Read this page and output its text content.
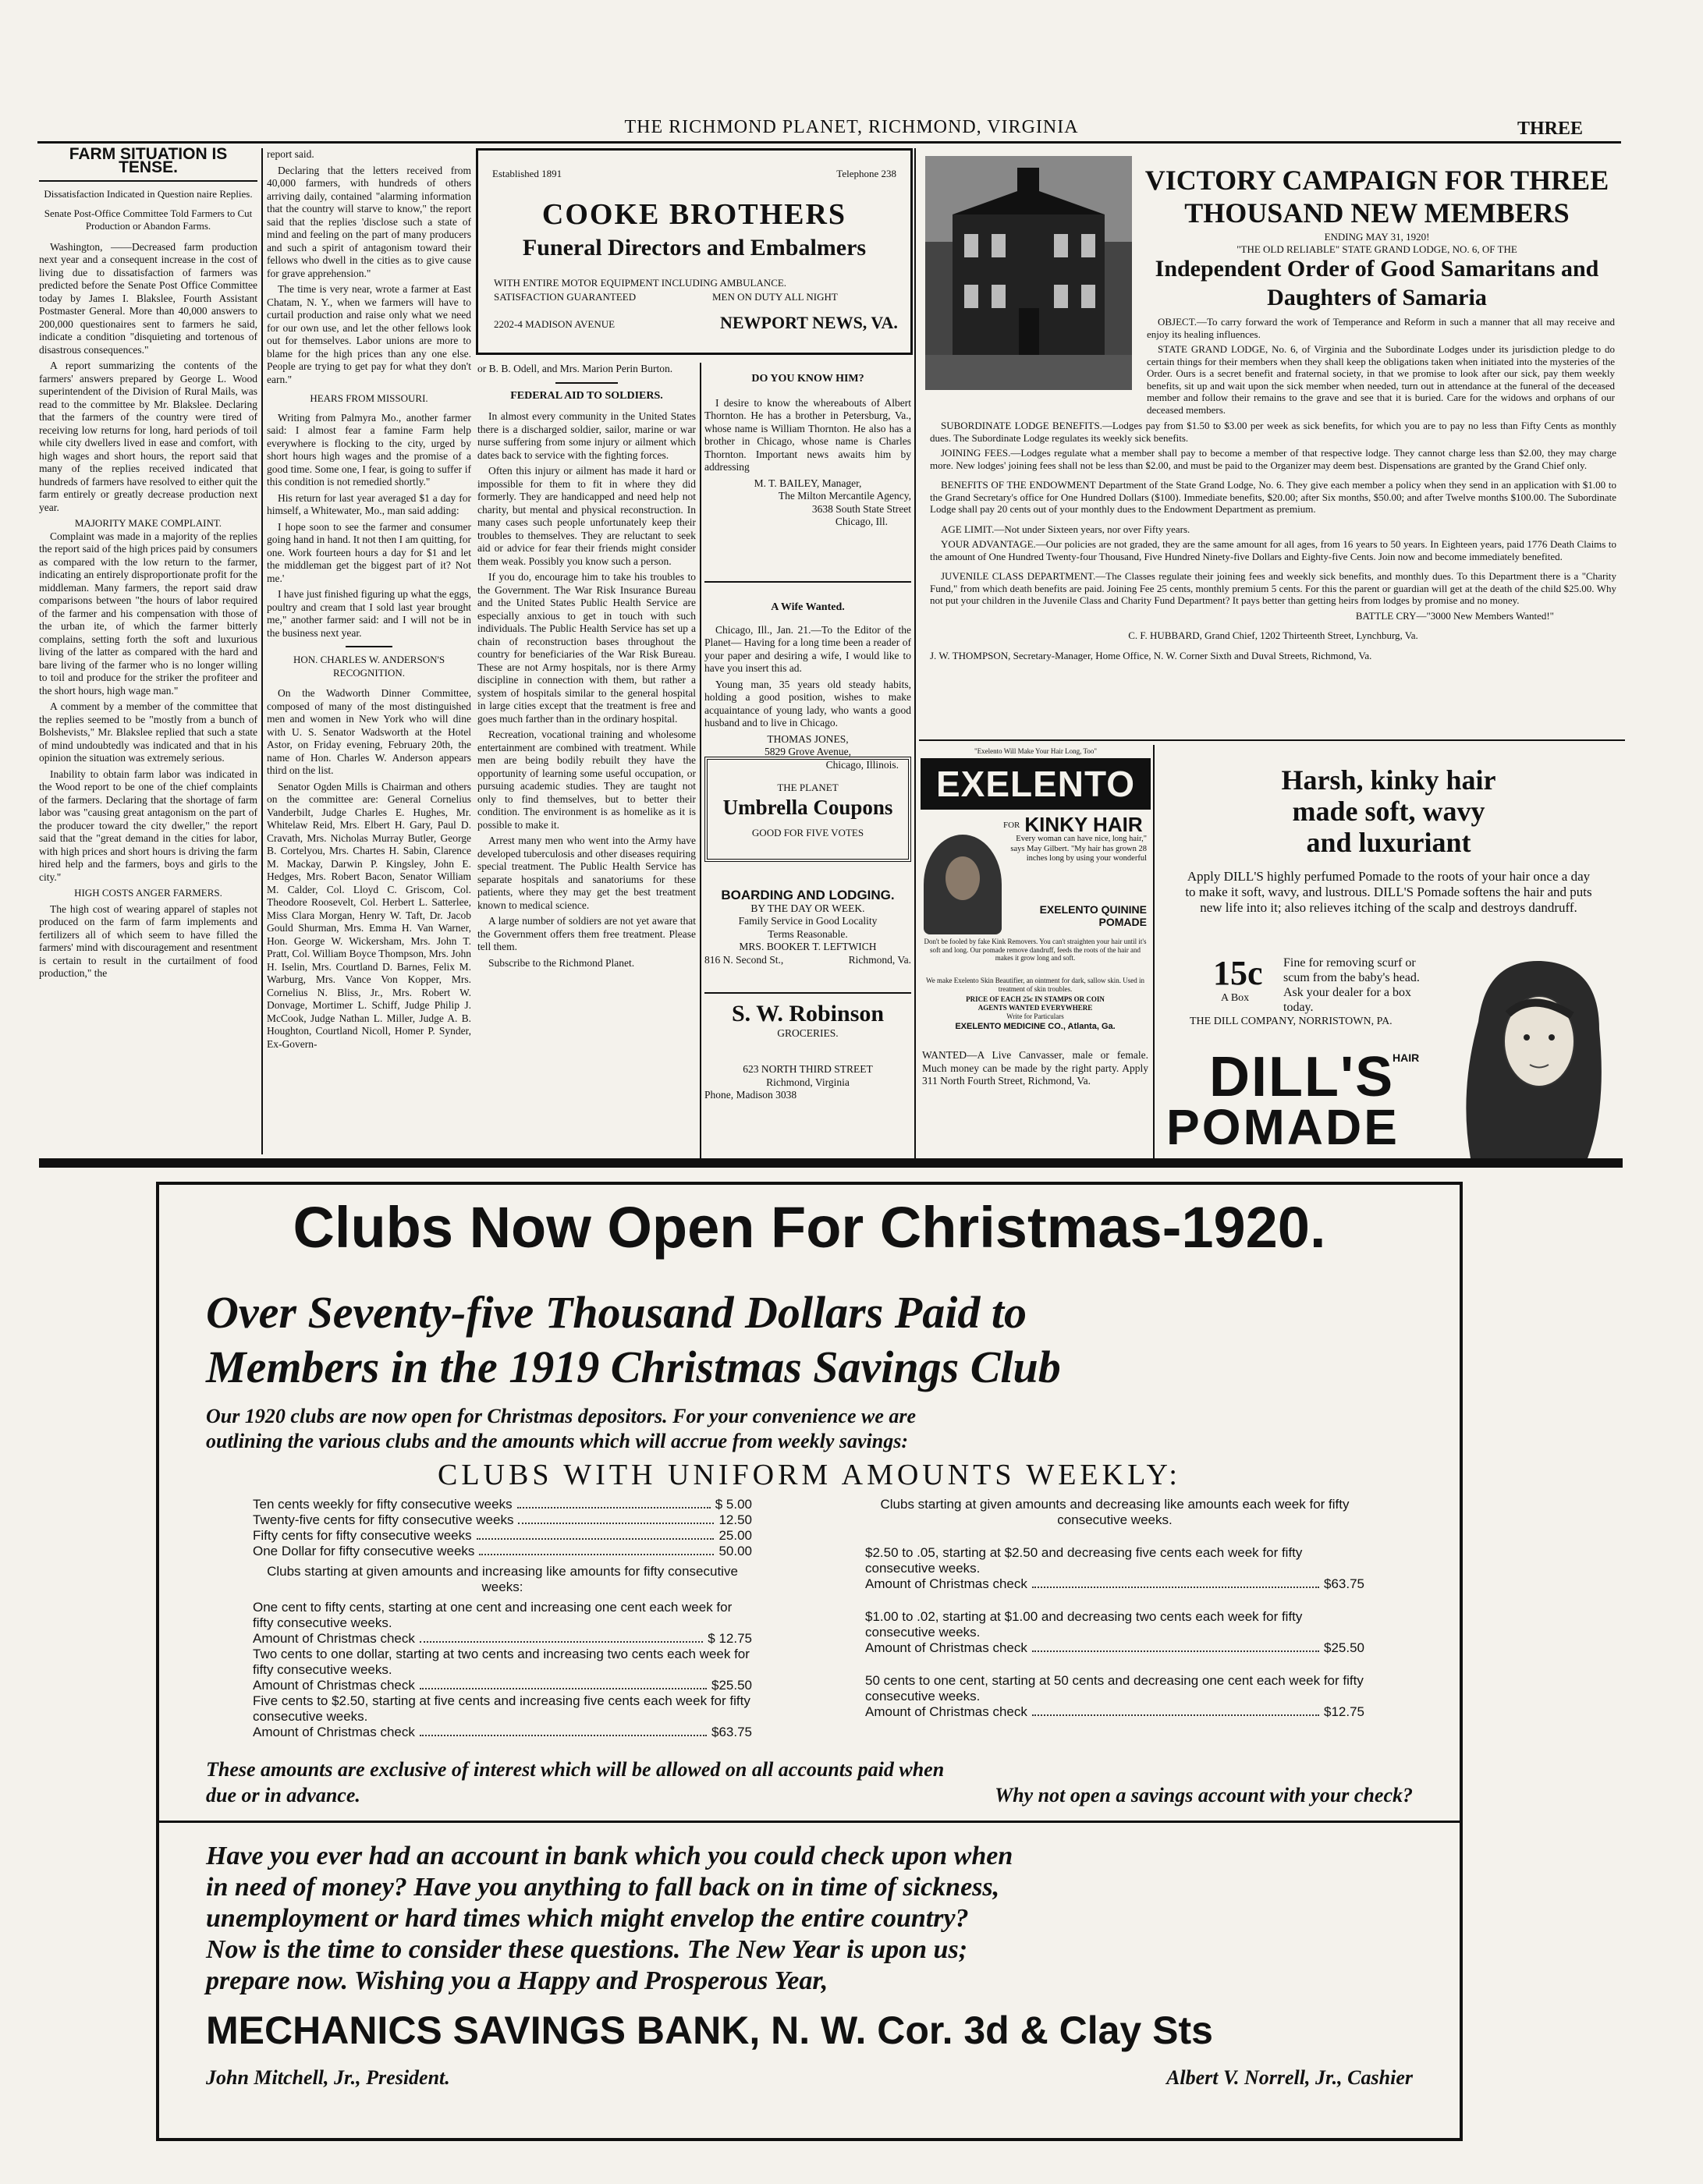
THE RICHMOND PLANET, RICHMOND, VIRGINIA	THREE
FARM SITUATION IS TENSE.
Dissatisfaction Indicated in Question naire Replies.
Senate Post-Office Committee Told Farmers to Cut Production or Abandon Farms.

Washington, ——Decreased farm production next year and a consequent increase in the cost of living due to dissatisfaction of farmers was predicted before the Senate Post Office Committee today by James I. Blakslee, Fourth Assistant Postmaster General. More than 40,000 answers to 200,000 questionaires sent to farmers he said, indicate a condition "disquieting and tortenous of disastrous consequences."

A report summarizing the contents of the farmers' answers prepared by George L. Wood superintendent of the Division of Rural Mails, was read to the committee by Mr. Blakslee. Declaring that the farmers of the country were tired of receiving low returns for long, hard periods of toil while city dwellers lived in ease and comfort, with high wages and short hours, the report said that many of the replies received indicated that hundreds of farmers have resolved to either quit the farm entirely or greatly decrease production next year.

MAJORITY MAKE COMPLAINT.

Complaint was made in a majority of the replies the report said of the high prices paid by consumers as compared with the low return to the farmer, indicating an entirely disproportionate profit for the middleman. Many farmers, the report said draw comparisons between "the hours of labor required of the farmer and his compensation with those of the urban ite, of which the farmer bitterly complains, setting forth the soft and luxurious living of the latter as compared with the hard and bare living of the farmer who is no longer willing to toil and produce for the striker the profiteer and the short hours, high wage man."

A comment by a member of the committee that the replies seemed to be "mostly from a bunch of Bolshevists," Mr. Blakslee replied that such a state of mind undoubtedly was indicated and that in his opinion the situation was extremely serious.

Inability to obtain farm labor was indicated in the Wood report to be one of the chief complaints of the farmers. Declaring that the shortage of farm labor was "causing great antagonism on the part of the producer toward the city dweller," the report said that the "great demand in the cities for labor, with high prices and short hours is driving the farm hired help and the farmers, boys and girls to the city."

HIGH COSTS ANGER FARMERS.

The high cost of wearing apparel of staples not produced on the farm of farm implements and fertilizers all of which seem to have filled the farmers' mind with discouragement and resentment is certain to result in the curtailment of food production," the

report said.

Declaring that the letters received from 40,000 farmers, with hundreds of others arriving daily, contained "alarming information that the country will starve to know," the report said that the replies 'disclose such a state of mind and feeling on the part of many producers and such a spirit of antagonism toward their fellows who dwell in the cities as to give cause for grave apprehension."

The time is very near, wrote a farmer at East Chatam, N. Y., when we farmers will have to curtail production and raise only what we need for our own use, and let the other fellows look out for themselves. Labor unions are more to blame for the high prices than any one else. People are trying to get pay for what they don't earn."

HEARS FROM MISSOURI.

Writing from Palmyra Mo., another farmer said: I almost fear a famine Farm help everywhere is flocking to the city, urged by short hours high wages and the promise of a good time. Some one, I fear, is going to suffer if this condition is not remedied shortly."

His return for last year averaged $1 a day for himself, a Whitewater, Mo., man said adding:

I hope soon to see the farmer and consumer going hand in hand. It not then I am quitting, for one. Work fourteen hours a day for $1 and let the middleman get the biggest part of it? Not me.'

I have just finished figuring up what the eggs, poultry and cream that I sold last year brought me," another farmer said: and I will not be in the business next year.

HON. CHARLES W. ANDERSON'S RECOGNITION.

On the Wadworth Dinner Committee, composed of many of the most distinguished men and women in New York who will dine with U. S. Senator Wadsworth at the Hotel Astor, on Friday evening, February 20th, the name of Hon. Charles W. Anderson appears third on the list.

Senator Ogden Mills is Chairman and others on the committee are: General Cornelius Vanderbilt, Judge Charles E. Hughes, Mr. Whitelaw Reid, Mrs. Elbert H. Gary, Paul D. Cravath, Mrs. Nicholas Murray Butler, George B. Cortelyou, Mrs. Chartes H. Sabin, Clarence M. Mackay, Darwin P. Kingsley, John E. Hedges, Mrs. Robert Bacon, Senator William M. Calder, Col. Lloyd C. Griscom, Col. Theodore Roosevelt, Col. Herbert L. Satterlee, Miss Clara Morgan, Henry W. Taft, Dr. Jacob Gould Shurman, Mrs. Emma H. Van Warner, Hon. George W. Wickersham, Mrs. John T. Pratt, Col. William Boyce Thompson, Mrs. John H. Iselin, Mrs. Courtland D. Barnes, Felix M. Warburg, Mrs. Vance Von Kopper, Mrs. Cornelius N. Bliss, Jr., Mrs. Robert W. Donvage, Mortimer L. Schiff, Judge Philip J. McCook, Judge Nathan L. Miller, Judge A. B. Houghton, Courtland Nicoll, Homer P. Synder, Ex-Govern-

Established 1891	Telephone 238
COOKE BROTHERS
Funeral Directors and Embalmers
WITH ENTIRE MOTOR EQUIPMENT INCLUDING AMBULANCE.
SATISFACTION GUARANTEED	MEN ON DUTY ALL NIGHT
2202-4 MADISON AVENUE	NEWPORT NEWS, VA.

or B. B. Odell, and Mrs. Marion Perin Burton.

FEDERAL AID TO SOLDIERS.

In almost every community in the United States there is a discharged soldier, sailor, marine or war nurse suffering from some injury or ailment which dates back to service with the fighting forces.

Often this injury or ailment has made it hard or impossible for them to fit in where they did formerly. They are handicapped and need help not charity, but mental and physical reconstruction. In many cases such people unfortunately keep their troubles to themselves. They are reluctant to seek aid or advice for fear their friends might consider them weak. Possibly you know such a person.

If you do, encourage him to take his troubles to the Government. The War Risk Insurance Bureau and the United States Public Health Service are especially anxious to get in touch with such individuals. The Public Health Service has set up a chain of reconstruction bases throughout the country for beneficiaries of the War Risk Bureau. These are not Army hospitals, nor is there Army discipline in connection with them, but rather a system of hospitals similar to the general hospital in large cities except that the treatment is free and goes much farther than in the ordinary hospital.

Recreation, vocational training and wholesome entertainment are combined with treatment. While men are being bodily rebuilt they have the opportunity of learning some useful occupation, or pursuing academic studies. They are taught not only to find themselves, but to better their condition. The environment is as homelike as it is possible to make it.

Arrest many men who went into the Army have developed tuberculosis and other diseases requiring special treatment. The Public Health Service has separate hospitals and sanatoriums for these patients, where they may get the best treatment known to medical science.

A large number of soldiers are not yet aware that the Government offers them free treatment. Please tell them.

Subscribe to the Richmond Planet.

DO YOU KNOW HIM?

I desire to know the whereabouts of Albert Thornton. He has a brother in Petersburg, Va., whose name is William Thornton. He also has a brother in Chicago, whose name is Charles Thornton. Important news awaits him by addressing

M. T. BAILEY, Manager,
The Milton Mercantile Agency,
3638 South State Street
Chicago, Ill.
A Wife Wanted.

Chicago, Ill., Jan. 21.—To the Editor of the Planet— Having for a long time been a reader of your paper and desiring a wife, I would like to have you insert this ad.

Young man, 35 years old steady habits, holding a good position, wishes to make acquaintance of young lady, who wants a good husband and to live in Chicago.

THOMAS JONES,
5829 Grove Avenue,
Chicago, Illinois.
THE PLANET
Umbrella Coupons
GOOD FOR FIVE VOTES
BOARDING AND LODGING.
BY THE DAY OR WEEK.
Family Service in Good Locality
Terms Reasonable.
MRS. BOOKER T. LEFTWICH
816 N. Second St.,	Richmond, Va.
S. W. Robinson
GROCERIES.
623 NORTH THIRD STREET
Richmond, Virginia
Phone, Madison 3038
VICTORY CAMPAIGN FOR THREE
THOUSAND NEW MEMBERS
ENDING MAY 31, 1920!
"THE OLD RELIABLE" STATE GRAND LODGE, NO. 6, OF THE
Independent Order of Good Samaritans and
Daughters of Samaria

OBJECT.—To carry forward the work of Temperance and Reform in such a manner that all may receive and enjoy its healing influences.

STATE GRAND LODGE, No. 6, of Virginia and the Subordinate Lodges under its jurisdiction pledge to do certain things for their members when they shall keep the obligations taken when initiated into the mysteries of the Order. Ours is a secret benefit and fraternal society, in that we promise to look after our sick, pay them weekly benefits, sit up and wait upon the sick member when needed, turn out in attendance at the funeral of the deceased member and follow their remains to the grave and see that it is buried. Care for the widows and orphans of our deceased members.

SUBORDINATE LODGE BENEFITS.—Lodges pay from $1.50 to $3.00 per week as sick benefits, for which you are to pay no less than Fifty Cents as monthly dues. The Subordinate Lodge regulates its weekly sick benefits.

JOINING FEES.—Lodges regulate what a member shall pay to become a member of that respective lodge. They cannot charge less than $2.00, they may charge more. New lodges' joining fees shall not be less than $2.00, and must be paid to the Organizer may deem best. Dispensations are granted by the Grand Chief only.

BENEFITS OF THE ENDOWMENT Department of the State Grand Lodge, No. 6. They give each member a policy when they send in an application with $1.00 to the Grand Secretary's office for One Hundred Dollars ($100). Immediate benefits, $20.00; after Six months, $50.00; and after Twelve months $100.00. The Subordinate Lodge shall pay 20 cents out of your monthly dues to the Endowment Department as premium.

AGE LIMIT.—Not under Sixteen years, nor over Fifty years.

YOUR ADVANTAGE.—Our policies are not graded, they are the same amount for all ages, from 16 years to 50 years. In Eighteen years, paid 1776 Death Claims to the amount of One Hundred Twenty-four Thousand, Five Hundred Ninety-five Dollars and Eighty-five Cents. Join now and become immediately benefited.

JUVENILE CLASS DEPARTMENT.—The Classes regulate their joining fees and weekly sick benefits, and monthly dues. To this Department there is a "Charity Fund," from which death benefits are paid. Joining Fee 25 cents, monthly premium 5 cents. For this the parent or guardian will get at the death of the child $25.00. Why not put your children in the Juvenile Class and Charity Fund Department? It pays better than getting heirs from lodges by promise and no money.

BATTLE CRY—"3000 New Members Wanted!"
C. F. HUBBARD, Grand Chief, 1202 Thirteenth Street, Lynchburg, Va.
J. W. THOMPSON, Secretary-Manager, Home Office, N. W. Corner Sixth and Duval Streets, Richmond, Va.
"Exelento Will Make Your Hair Long, Too"
EXELENTO
FOR KINKY HAIR
Every woman can have nice, long hair," says May Gilbert. "My hair has grown 28 inches long by using your wonderful
EXELENTO QUININE POMADE
Don't be fooled by fake Kink Removers. You can't straighten your hair until it's soft and long. Our pomade remove dandruff, feeds the roots of the hair and makes it grow long and soft.
We make Exelento Skin Beautifier, an ointment for dark, sallow skin. Used in treatment of skin troubles.
PRICE OF EACH 25c IN STAMPS OR COIN
AGENTS WANTED EVERYWHERE
Write for Particulars
EXELENTO MEDICINE CO., Atlanta, Ga.

WANTED—A Live Canvasser, male or female. Much money can be made by the right party. Apply 311 North Fourth Street, Richmond, Va.

Harsh, kinky hair
made soft, wavy
and luxuriant
Apply DILL'S highly perfumed Pomade to the roots of your hair once a day to make it soft, wavy, and lustrous. DILL'S Pomade softens the hair and puts new life into it; also relieves itching of the scalp and destroys dandruff.
15c
A Box
Fine for removing scurf or scum from the baby's head. Ask your dealer for a box today.
THE DILL COMPANY, NORRISTOWN, PA.
DILL'S
HAIR
POMADE
Clubs Now Open For Christmas-1920.
Over Seventy-five Thousand Dollars Paid to
Members in the 1919 Christmas Savings Club
Our 1920 clubs are now open for Christmas depositors. For your convenience we are
outlining the various clubs and the amounts which will accrue from weekly savings:
CLUBS WITH UNIFORM AMOUNTS WEEKLY:
Ten cents weekly for fifty consecutive weeks	$ 5.00
Twenty-five cents for fifty consecutive weeks	12.50
Fifty cents for fifty consecutive weeks	25.00
One Dollar for fifty consecutive weeks	50.00
Clubs starting at given amounts and increasing like amounts for fifty consecutive weeks:
One cent to fifty cents, starting at one cent and increasing one cent each week for fifty consecutive weeks.
Amount of Christmas check	$ 12.75
Two cents to one dollar, starting at two cents and increasing two cents each week for fifty consecutive weeks.
Amount of Christmas check	$25.50
Five cents to $2.50, starting at five cents and increasing five cents each week for fifty consecutive weeks.
Amount of Christmas check	$63.75
Clubs starting at given amounts and decreasing like amounts each week for fifty consecutive weeks.
$2.50 to .05, starting at $2.50 and decreasing five cents each week for fifty consecutive weeks.
Amount of Christmas check	$63.75
$1.00 to .02, starting at $1.00 and decreasing two cents each week for fifty consecutive weeks.
Amount of Christmas check	$25.50
50 cents to one cent, starting at 50 cents and decreasing one cent each week for fifty consecutive weeks.
Amount of Christmas check	$12.75
These amounts are exclusive of interest which will be allowed on all accounts paid when
due or in advance.	Why not open a savings account with your check?
Have you ever had an account in bank which you could check upon when
in need of money? Have you anything to fall back on in time of sickness,
unemployment or hard times which might envelop the entire country?
Now is the time to consider these questions. The New Year is upon us;
prepare now. Wishing you a Happy and Prosperous Year,
MECHANICS SAVINGS BANK, N. W. Cor. 3d & Clay Sts
John Mitchell, Jr., President.	Albert V. Norrell, Jr., Cashier
